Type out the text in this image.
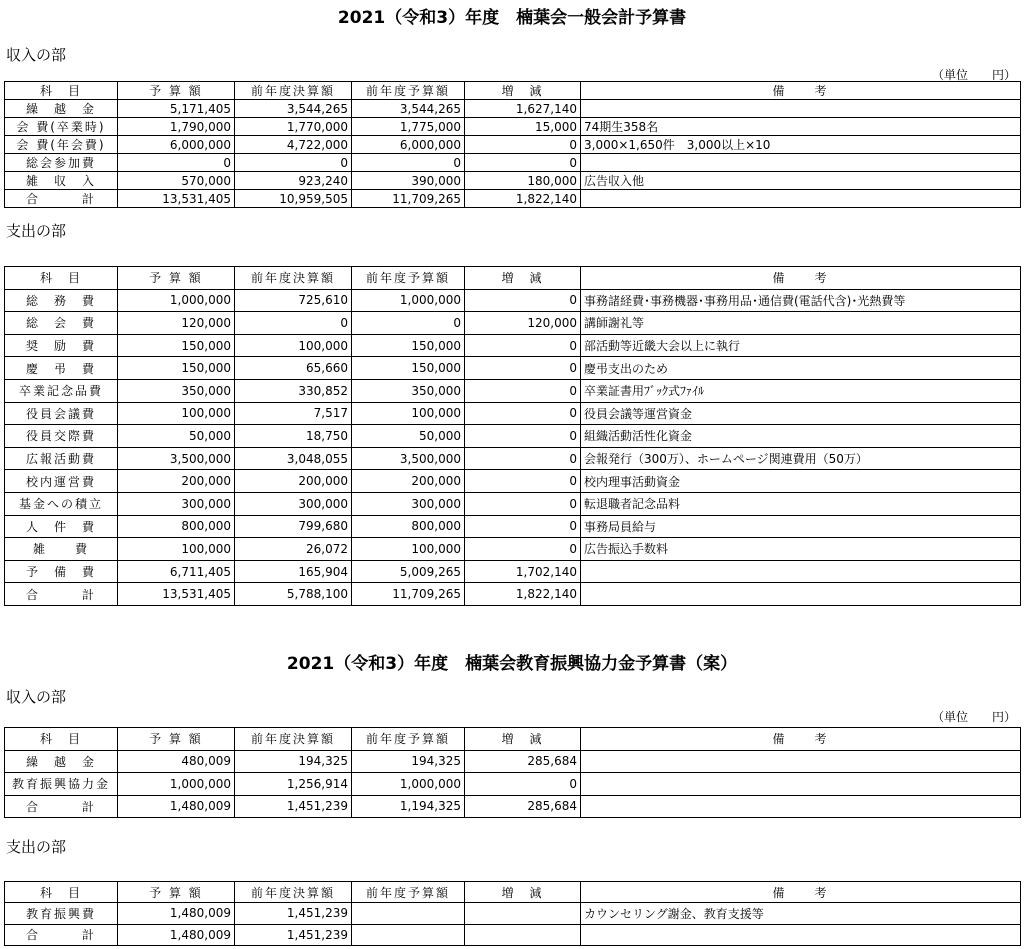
2021（令和3）年度　楠葉会一般会計予算書
収入の部
（単位　　円）
科　目	予 算 額	前年度決算額	前年度予算額	増　減	備　　考
繰　越　金	5,171,405	3,544,265	3,544,265	1,627,140	
会 費(卒業時)	1,790,000	1,770,000	1,775,000	15,000	74期生358名
会 費(年会費)	6,000,000	4,722,000	6,000,000	0	3,000×1,650件　3,000以上×10
総会参加費	0	0	0	0	
雑　収　入	570,000	923,240	390,000	180,000	広告収入他
合　　　計	13,531,405	10,959,505	11,709,265	1,822,140	
支出の部
科　目	予 算 額	前年度決算額	前年度予算額	増　減	備　　考
総　務　費	1,000,000	725,610	1,000,000	0	事務諸経費･事務機器･事務用品･通信費(電話代含)･光熱費等
総　会　費	120,000	0	0	120,000	講師謝礼等
奨　励　費	150,000	100,000	150,000	0	部活動等近畿大会以上に執行
慶　弔　費	150,000	65,660	150,000	0	慶弔支出のため
卒業記念品費	350,000	330,852	350,000	0	卒業証書用ﾌﾞｯｸ式ﾌｧｲﾙ
役員会議費	100,000	7,517	100,000	0	役員会議等運営資金
役員交際費	50,000	18,750	50,000	0	組織活動活性化資金
広報活動費	3,500,000	3,048,055	3,500,000	0	会報発行（300万）、ホームページ関連費用（50万）
校内運営費	200,000	200,000	200,000	0	校内理事活動資金
基金への積立	300,000	300,000	300,000	0	転退職者記念品料
人　件　費	800,000	799,680	800,000	0	事務局員給与
雑　　費	100,000	26,072	100,000	0	広告振込手数料
予　備　費	6,711,405	165,904	5,009,265	1,702,140	
合　　　計	13,531,405	5,788,100	11,709,265	1,822,140	
2021（令和3）年度　楠葉会教育振興協力金予算書（案）
収入の部
（単位　　円）
科　目	予 算 額	前年度決算額	前年度予算額	増　減	備　　考
繰　越　金	480,009	194,325	194,325	285,684	
教育振興協力金	1,000,000	1,256,914	1,000,000	0	
合　　　計	1,480,009	1,451,239	1,194,325	285,684	
支出の部
科　目	予 算 額	前年度決算額	前年度予算額	増　減	備　　考
教育振興費	1,480,009	1,451,239			カウンセリング謝金、教育支援等
合　　　計	1,480,009	1,451,239			
